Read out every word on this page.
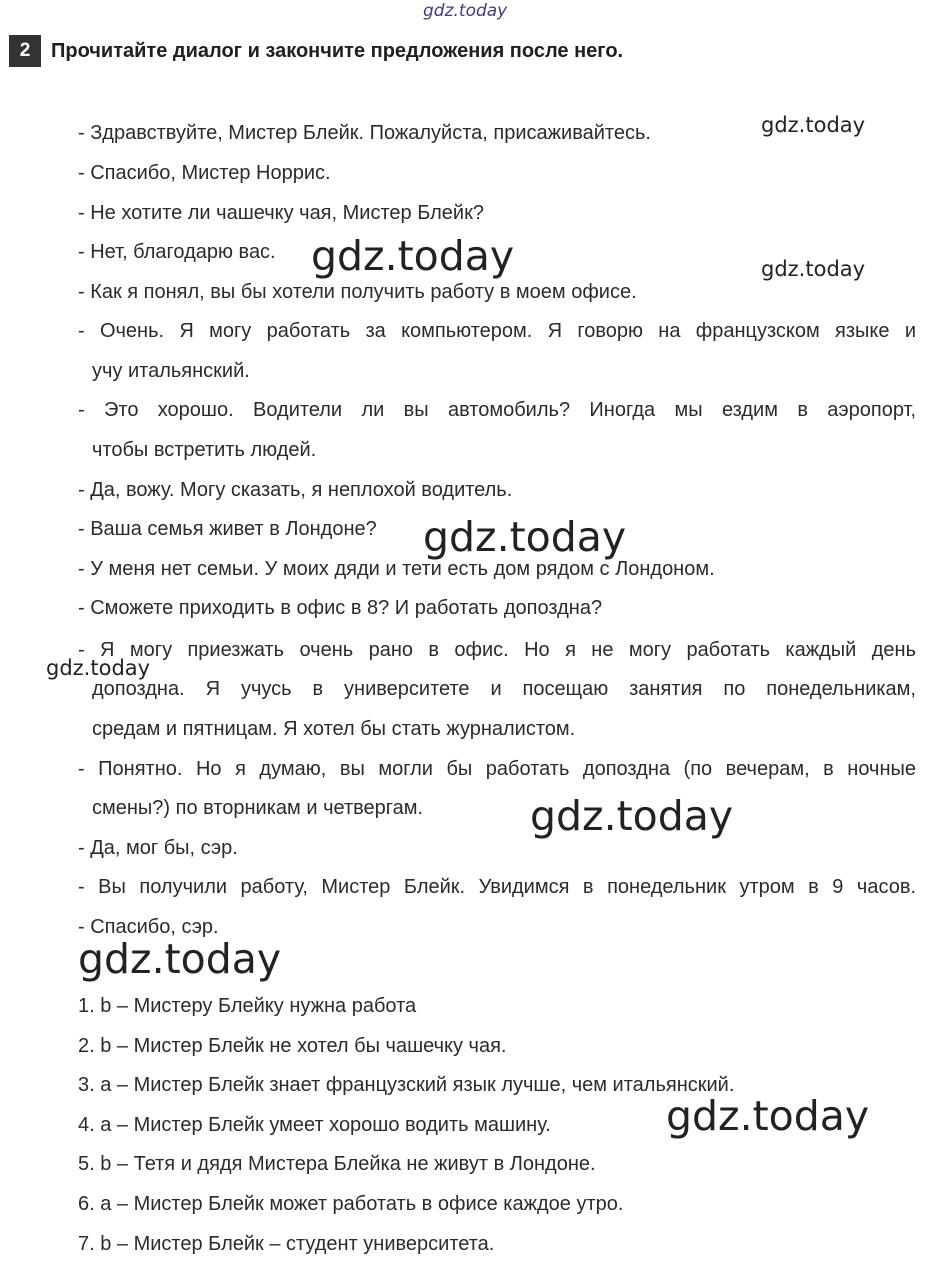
gdz.today
gdz.today
gdz.today
gdz.today
gdz.today
gdz.today
gdz.today
gdz.today
gdz.today
2	Прочитайте диалог и закончите предложения после него.
- Здравствуйте, Мистер Блейк. Пожалуйста, присаживайтесь.
- Спасибо, Мистер Норрис.
- Не хотите ли чашечку чая, Мистер Блейк?
- Нет, благодарю вас.
- Как я понял, вы бы хотели получить работу в моем офисе.
- Очень. Я могу работать за компьютером. Я говорю на французском языке и
учу итальянский.
- Это хорошо. Водители ли вы автомобиль? Иногда мы ездим в аэропорт,
чтобы встретить людей.
- Да, вожу. Могу сказать, я неплохой водитель.
- Ваша семья живет в Лондоне?
- У меня нет семьи. У моих дяди и тети есть дом рядом с Лондоном.
- Сможете приходить в офис в 8? И работать допоздна?
- Я могу приезжать очень рано в офис. Но я не могу работать каждый день
допоздна. Я учусь в университете и посещаю занятия по понедельникам,
средам и пятницам. Я хотел бы стать журналистом.
- Понятно. Но я думаю, вы могли бы работать допоздна (по вечерам, в ночные
смены?) по вторникам и четвергам.
- Да, мог бы, сэр.
- Вы получили работу, Мистер Блейк. Увидимся в понедельник утром в 9 часов.
- Спасибо, сэр.
1. b – Мистеру Блейку нужна работа
2. b – Мистер Блейк не хотел бы чашечку чая.
3. a – Мистер Блейк знает французский язык лучше, чем итальянский.
4. a – Мистер Блейк умеет хорошо водить машину.
5. b – Тетя и дядя Мистера Блейка не живут в Лондоне.
6. a – Мистер Блейк может работать в офисе каждое утро.
7. b – Мистер Блейк – студент университета.
